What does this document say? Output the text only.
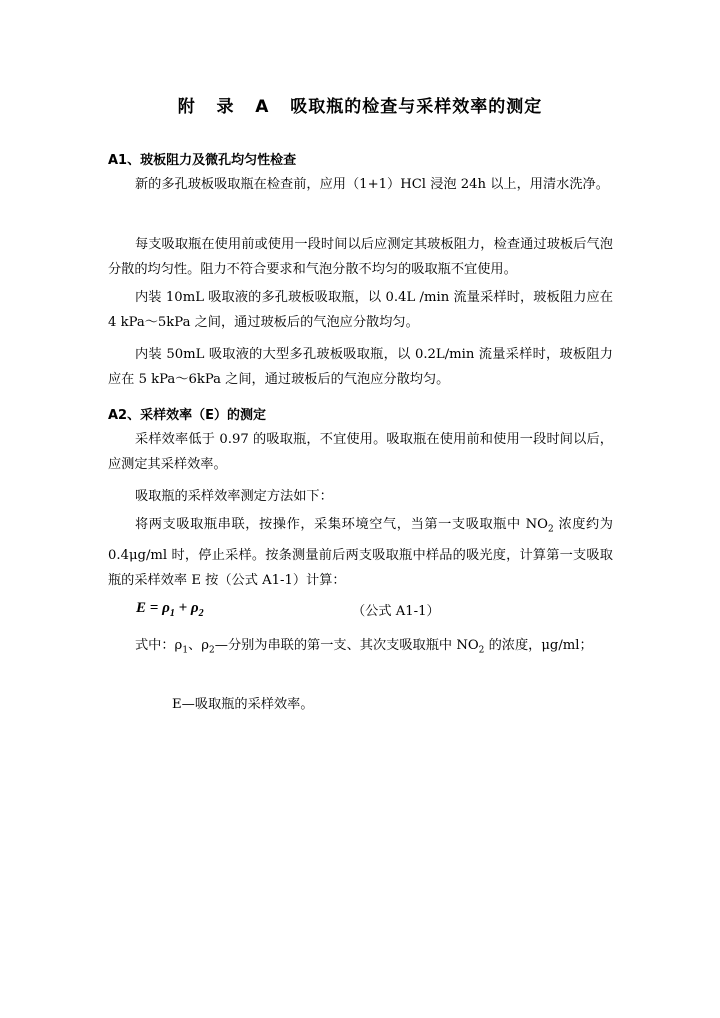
附   录   A   吸取瓶的检查与采样效率的测定
A1、玻板阻力及微孔均匀性检查

新的多孔玻板吸取瓶在检查前，应用（1+1）HCl 浸泡 24h 以上，用清水洗净。

每支吸取瓶在使用前或使用一段时间以后应测定其玻板阻力，检查通过玻板后气泡分散的均匀性。阻力不符合要求和气泡分散不均匀的吸取瓶不宜使用。

内装 10mL 吸取液的多孔玻板吸取瓶，以 0.4L /min 流量采样时，玻板阻力应在 4 kPa～5kPa 之间，通过玻板后的气泡应分散均匀。

内装 50mL 吸取液的大型多孔玻板吸取瓶，以 0.2L/min 流量采样时，玻板阻力应在 5 kPa～6kPa 之间，通过玻板后的气泡应分散均匀。

A2、采样效率（E）的测定

采样效率低于 0.97 的吸取瓶，不宜使用。吸取瓶在使用前和使用一段时间以后，应测定其采样效率。

吸取瓶的采样效率测定方法如下：

将两支吸取瓶串联，按操作，采集环境空气，当第一支吸取瓶中 $NO_2$ 浓度约为 0.4μg/ml 时，停止采样。按条测量前后两支吸取瓶中样品的吸光度，计算第一支吸取瓶的采样效率 E 按（公式 A1-1）计算：

$E = \rho_1 + \rho_2$	（公式 A1-1）

式中：$\rho_1$、$\rho_2—$分别为串联的第一支、其次支吸取瓶中 $NO_2$ 的浓度，μg/ml；

E—吸取瓶的采样效率。
